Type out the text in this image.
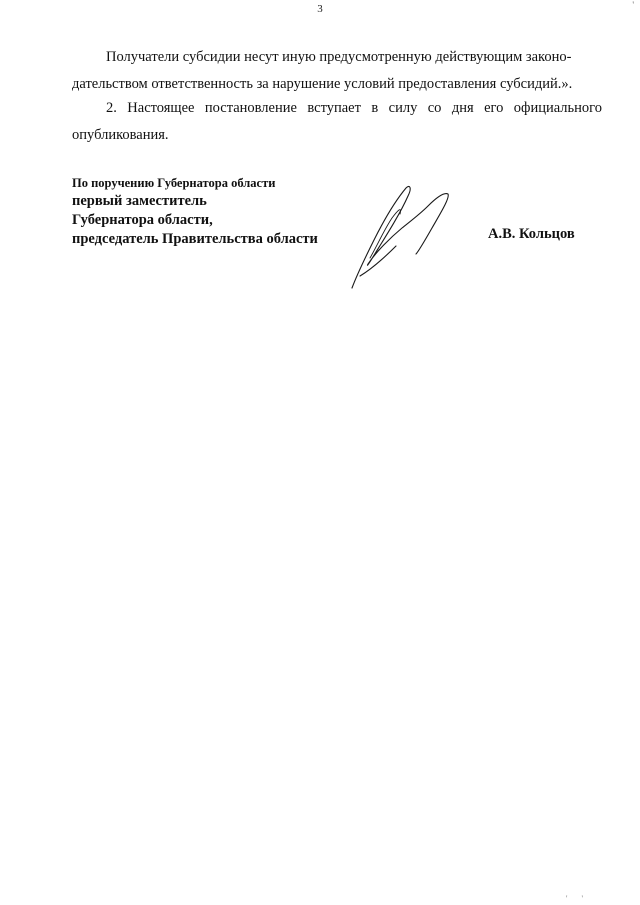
'
3
Получатели субсидии несут иную предусмотренную действующим законо-
дательством ответственность за нарушение условий предоставления субсидий.».
2. Настоящее постановление вступает в силу со дня его официального
опубликования.
По поручению Губернатора области
первый заместитель
Губернатора области,
председатель Правительства области	А.В. Кольцов
' '
